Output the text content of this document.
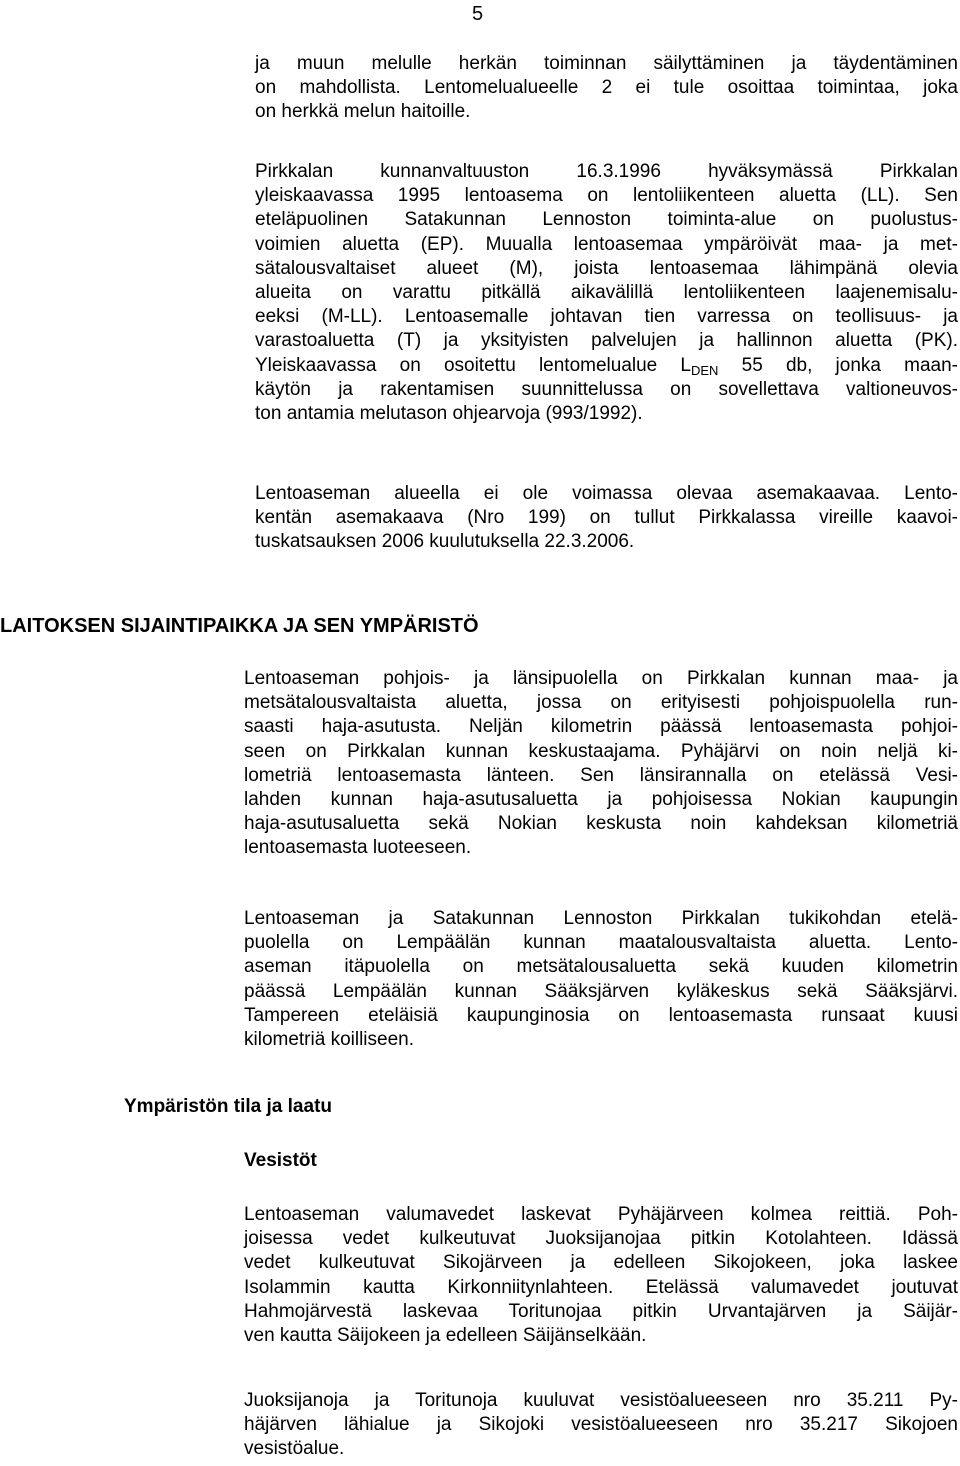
5
ja muun melulle herkän toiminnan säilyttäminen ja täydentäminen
on mahdollista. Lentomelualueelle 2 ei tule osoittaa toimintaa, joka
on herkkä melun haitoille.
Pirkkalan kunnanvaltuuston 16.3.1996 hyväksymässä Pirkkalan
yleiskaavassa 1995 lentoasema on lentoliikenteen aluetta (LL). Sen
eteläpuolinen Satakunnan Lennoston toiminta-alue on puolustus-
voimien aluetta (EP). Muualla lentoasemaa ympäröivät maa- ja met-
sätalousvaltaiset alueet (M), joista lentoasemaa lähimpänä olevia
alueita on varattu pitkällä aikavälillä lentoliikenteen laajenemisalu-
eeksi (M-LL). Lentoasemalle johtavan tien varressa on teollisuus- ja
varastoaluetta (T) ja yksityisten palvelujen ja hallinnon aluetta (PK).
Yleiskaavassa on osoitettu lentomelualue $L_{DEN}$ 55 db, jonka maan-
käytön ja rakentamisen suunnittelussa on sovellettava valtioneuvos-
ton antamia melutason ohjearvoja (993/1992).
Lentoaseman alueella ei ole voimassa olevaa asemakaavaa. Lento-
kentän asemakaava (Nro 199) on tullut Pirkkalassa vireille kaavoi-
tuskatsauksen 2006 kuulutuksella 22.3.2006.
LAITOKSEN SIJAINTIPAIKKA JA SEN YMPÄRISTÖ
Lentoaseman pohjois- ja länsipuolella on Pirkkalan kunnan maa- ja
metsätalousvaltaista aluetta, jossa on erityisesti pohjoispuolella run-
saasti haja-asutusta. Neljän kilometrin päässä lentoasemasta pohjoi-
seen on Pirkkalan kunnan keskustaajama. Pyhäjärvi on noin neljä ki-
lometriä lentoasemasta länteen. Sen länsirannalla on etelässä Vesi-
lahden kunnan haja-asutusaluetta ja pohjoisessa Nokian kaupungin
haja-asutusaluetta sekä Nokian keskusta noin kahdeksan kilometriä
lentoasemasta luoteeseen.
Lentoaseman ja Satakunnan Lennoston Pirkkalan tukikohdan etelä-
puolella on Lempäälän kunnan maatalousvaltaista aluetta. Lento-
aseman itäpuolella on metsätalousaluetta sekä kuuden kilometrin
päässä Lempäälän kunnan Sääksjärven kyläkeskus sekä Sääksjärvi.
Tampereen eteläisiä kaupunginosia on lentoasemasta runsaat kuusi
kilometriä koilliseen.
Ympäristön tila ja laatu
Vesistöt
Lentoaseman valumavedet laskevat Pyhäjärveen kolmea reittiä. Poh-
joisessa vedet kulkeutuvat Juoksijanojaa pitkin Kotolahteen. Idässä
vedet kulkeutuvat Sikojärveen ja edelleen Sikojokeen, joka laskee
Isolammin kautta Kirkonniitynlahteen. Etelässä valumavedet joutuvat
Hahmojärvestä laskevaa Toritunojaa pitkin Urvantajärven ja Säijär-
ven kautta Säijokeen ja edelleen Säijänselkään.
Juoksijanoja ja Toritunoja kuuluvat vesistöalueeseen nro 35.211 Py-
häjärven lähialue ja Sikojoki vesistöalueeseen nro 35.217 Sikojoen
vesistöalue.
